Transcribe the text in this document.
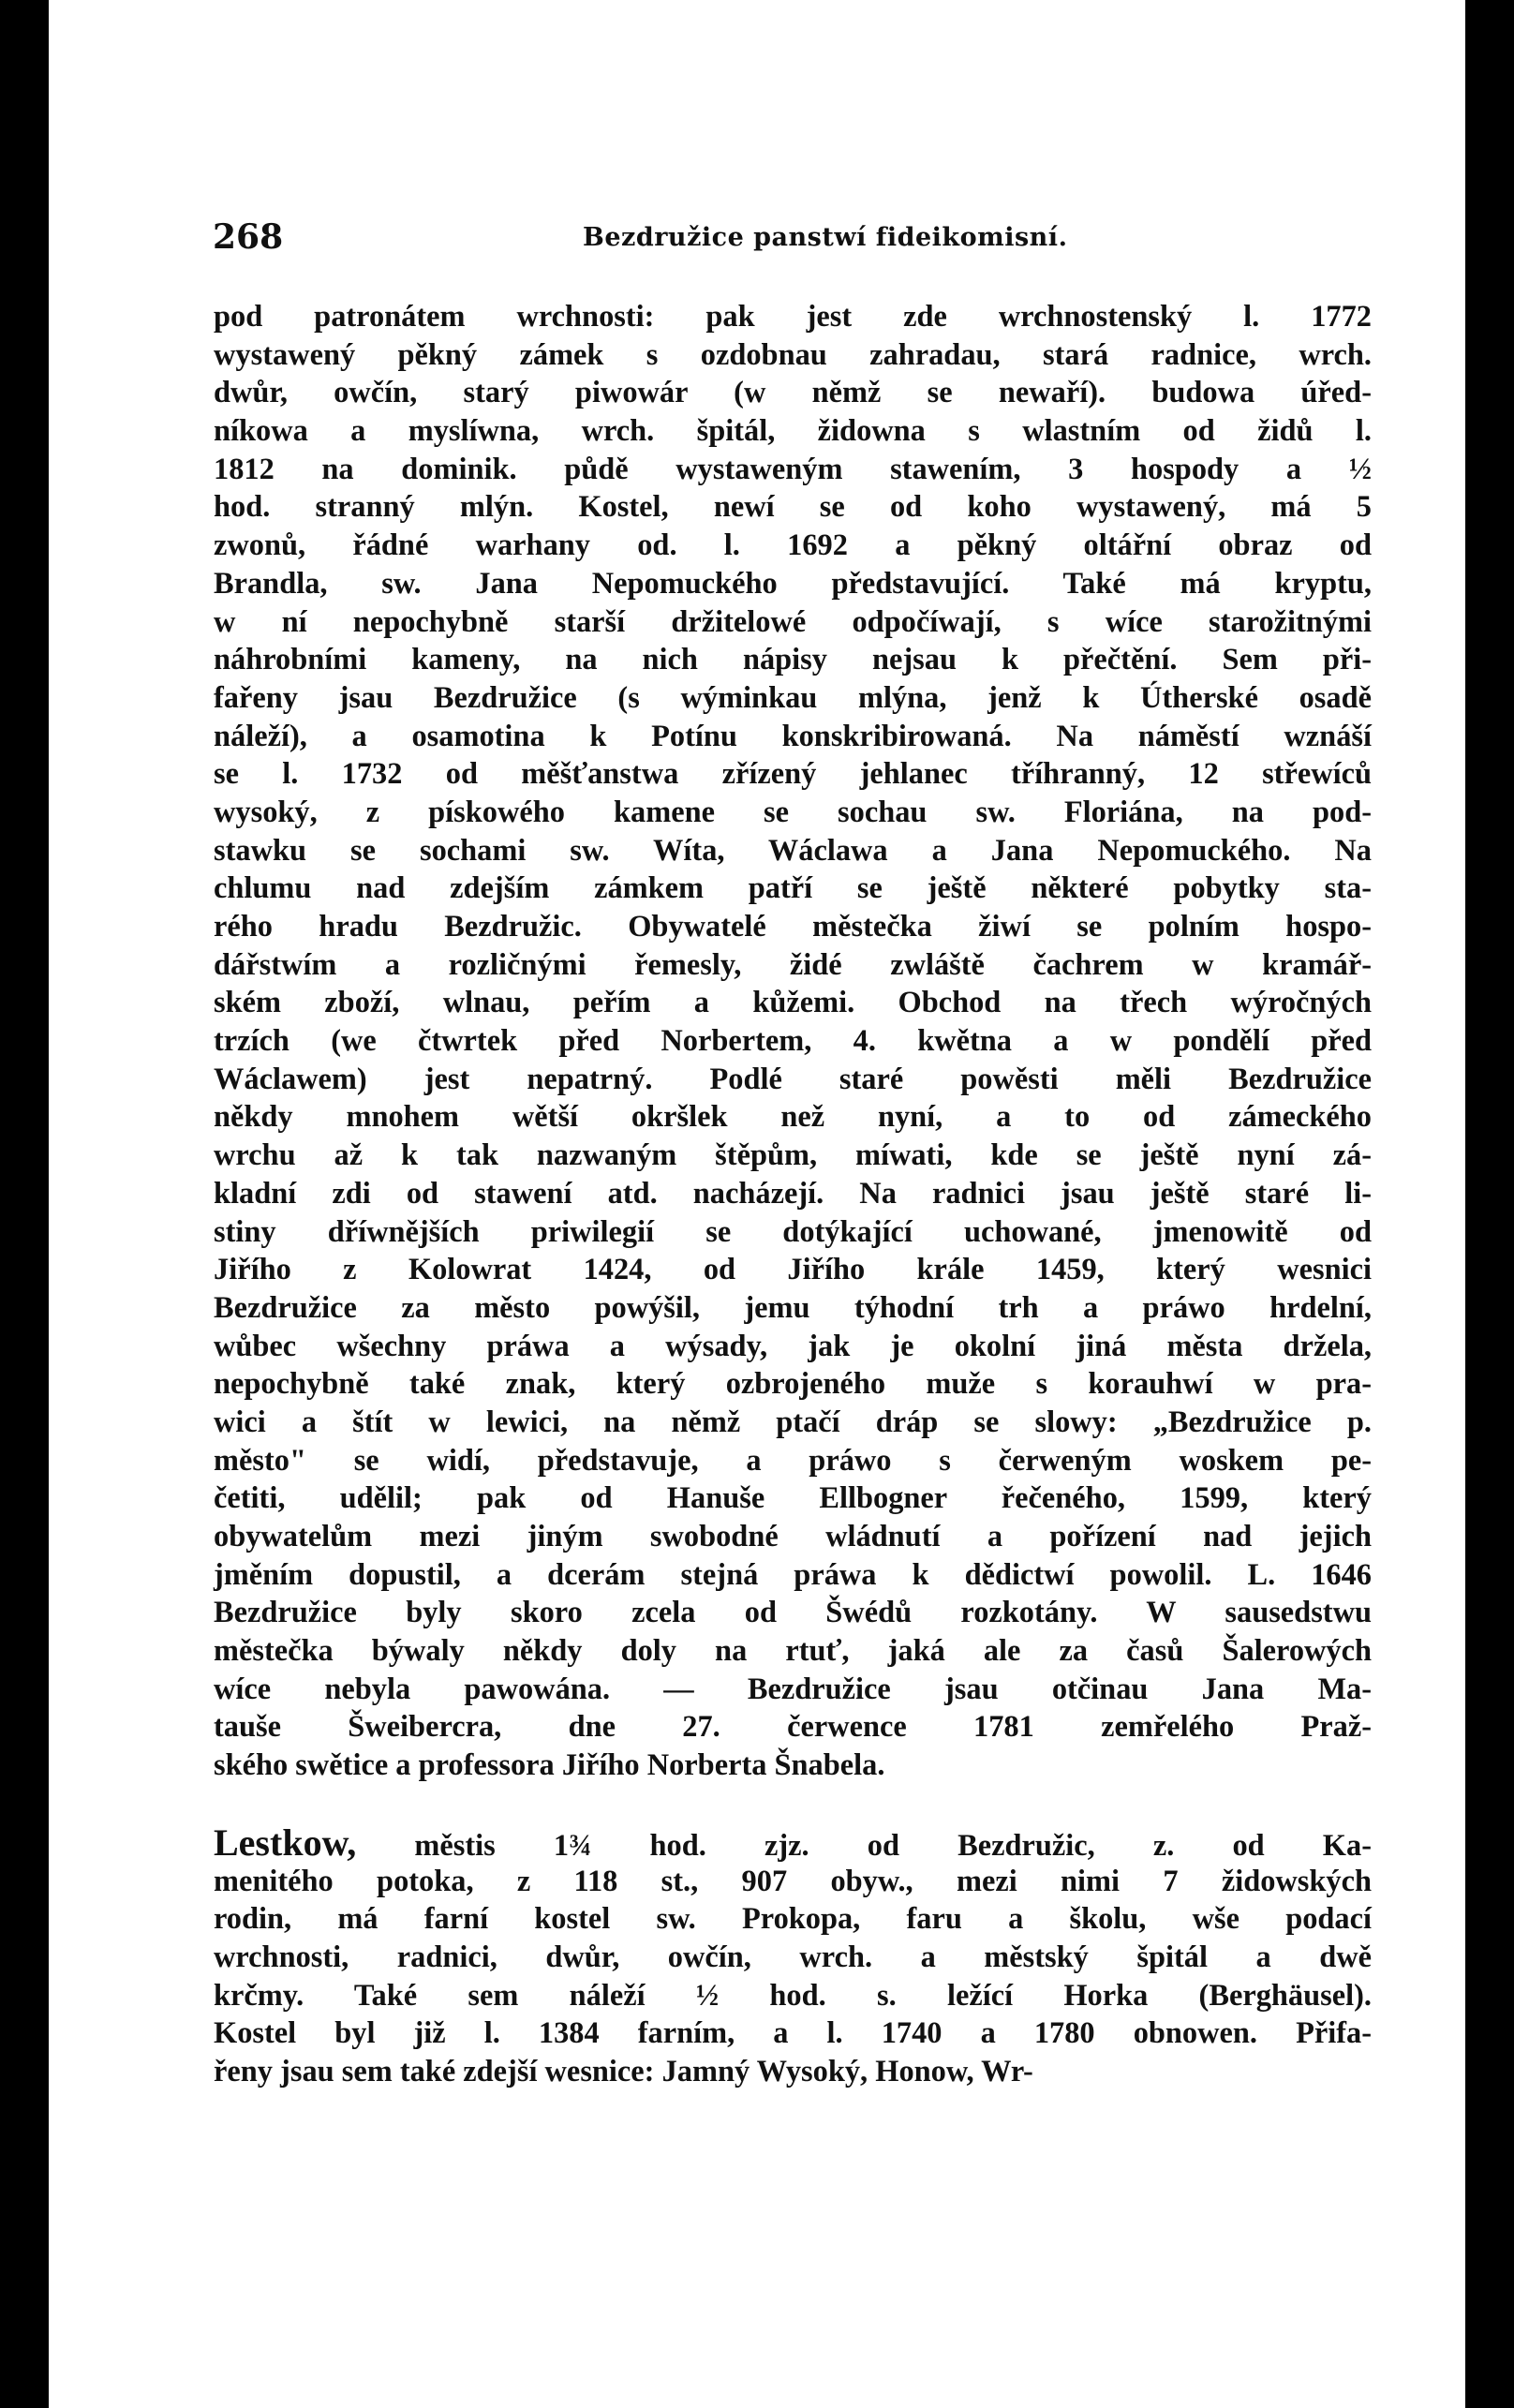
268	Bezdružice panstwí fideikomisní.
pod patronátem wrchnosti: pak jest zde wrchnostenský l. 1772
wystawený pěkný zámek s ozdobnau zahradau, stará radnice, wrch.
dwůr, owčín, starý piwowár (w němž se newaří). budowa úřed-
níkowa a myslíwna, wrch. špitál, židowna s wlastním od židů l.
1812 na dominik. půdě wystaweným stawením, 3 hospody a ½
hod. stranný mlýn. Kostel, newí se od koho wystawený, má 5
zwonů, řádné warhany od. l. 1692 a pěkný oltářní obraz od
Brandla, sw. Jana Nepomuckého představující. Také má kryptu,
w ní nepochybně starší držitelowé odpočíwají, s wíce starožitnými
náhrobními kameny, na nich nápisy nejsau k přečtění. Sem při-
fařeny jsau Bezdružice (s wýminkau mlýna, jenž k Útherské osadě
náleží), a osamotina k Potínu konskribirowaná. Na náměstí wznáší
se l. 1732 od měšťanstwa zřízený jehlanec tříhranný, 12 střewíců
wysoký, z pískowého kamene se sochau sw. Floriána, na pod-
stawku se sochami sw. Wíta, Wáclawa a Jana Nepomuckého. Na
chlumu nad zdejším zámkem patří se ještě některé pobytky sta-
rého hradu Bezdružic. Obywatelé městečka žiwí se polním hospo-
dářstwím a rozličnými řemesly, židé zwláště čachrem w kramář-
ském zboží, wlnau, peřím a kůžemi. Obchod na třech wýročných
trzích (we čtwrtek před Norbertem, 4. kwětna a w pondělí před
Wáclawem) jest nepatrný. Podlé staré powěsti měli Bezdružice
někdy mnohem wětší okršlek než nyní, a to od zámeckého
wrchu až k tak nazwaným štěpům, míwati, kde se ještě nyní zá-
kladní zdi od stawení atd. nacházejí. Na radnici jsau ještě staré li-
stiny dříwnějších priwilegií se dotýkající uchowané, jmenowitě od
Jiřího z Kolowrat 1424, od Jiřího krále 1459, který wesnici
Bezdružice za město powýšil, jemu týhodní trh a práwo hrdelní,
wůbec wšechny práwa a wýsady, jak je okolní jiná města držela,
nepochybně také znak, který ozbrojeného muže s korauhwí w pra-
wici a štít w lewici, na němž ptačí dráp se slowy: „Bezdružice p.
město" se widí, představuje, a práwo s čerweným woskem pe-
četiti, udělil; pak od Hanuše Ellbogner řečeného, 1599, který
obywatelům mezi jiným swobodné wládnutí a pořízení nad jejich
jměním dopustil, a dcerám stejná práwa k dědictwí powolil. L. 1646
Bezdružice byly skoro zcela od Šwédů rozkotány. W sausedstwu
městečka býwaly někdy doly na rtuť, jaká ale za časů Šalerowých
wíce nebyla pawowána. — Bezdružice jsau otčinau Jana Ma-
tauše Šweibercra, dne 27. čerwence 1781 zemřelého Praž-
ského swětice a professora Jiřího Norberta Šnabela.
Lestkow, městis 1¾ hod. zjz. od Bezdružic, z. od Ka-
menitého potoka, z 118 st., 907 obyw., mezi nimi 7 židowských
rodin, má farní kostel sw. Prokopa, faru a školu, wše podací
wrchnosti, radnici, dwůr, owčín, wrch. a městský špitál a dwě
krčmy. Také sem náleží ½ hod. s. ležící Horka (Berghäusel).
Kostel byl již l. 1384 farním, a l. 1740 a 1780 obnowen. Přifa-
řeny jsau sem také zdejší wesnice: Jamný Wysoký, Honow, Wr-
